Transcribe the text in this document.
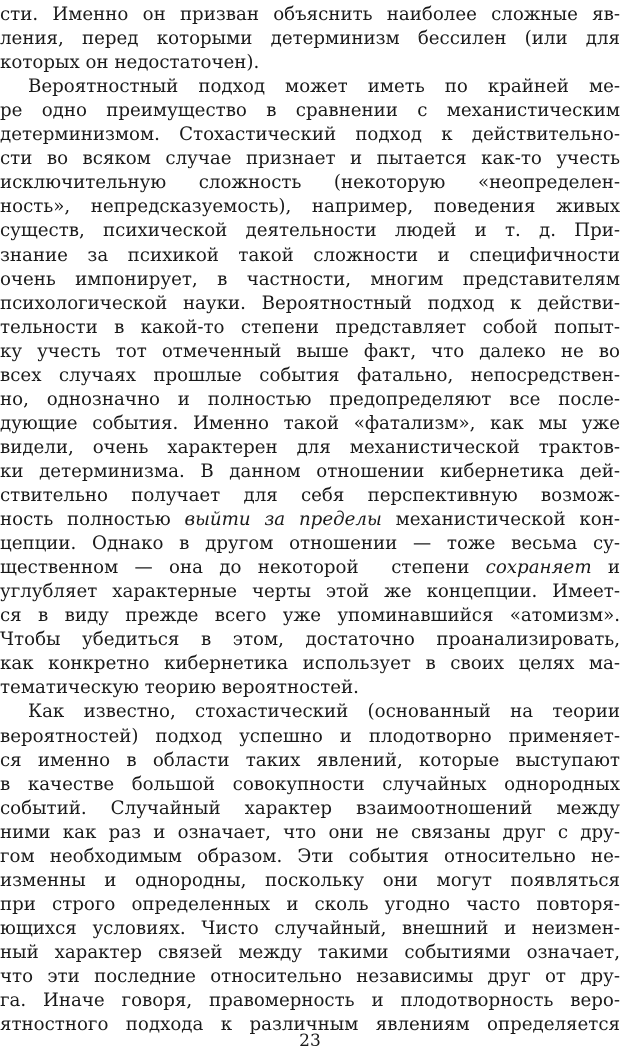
сти. Именно он призван объяснить наиболее сложные яв-
ления, перед которыми детерминизм бессилен (или для
которых он недостаточен).
Вероятностный подход может иметь по крайней ме-
ре одно преимущество в сравнении с механистическим
детерминизмом. Стохастический подход к действительно-
сти во всяком случае признает и пытается как-то учесть
исключительную сложность (некоторую «неопределен-
ность», непредсказуемость), например, поведения живых
существ, психической деятельности людей и т. д. При-
знание за психикой такой сложности и специфичности
очень импонирует, в частности, многим представителям
психологической науки. Вероятностный подход к действи-
тельности в какой-то степени представляет собой попыт-
ку учесть тот отмеченный выше факт, что далеко не во
всех случаях прошлые события фатально, непосредствен-
но, однозначно и полностью предопределяют все после-
дующие события. Именно такой «фатализм», как мы уже
видели, очень характерен для механистической трактов-
ки детерминизма. В данном отношении кибернетика дей-
ствительно получает для себя перспективную возмож-
ность полностью выйти за пределы механистической кон-
цепции. Однако в другом отношении — тоже весьма су-
щественном — она до некоторой  степени сохраняет и
углубляет характерные черты этой же концепции. Имеет-
ся в виду прежде всего уже упоминавшийся «атомизм».
Чтобы убедиться в этом, достаточно проанализировать,
как конкретно кибернетика использует в своих целях ма-
тематическую теорию вероятностей.
Как известно, стохастический (основанный на теории
вероятностей) подход успешно и плодотворно применяет-
ся именно в области таких явлений, которые выступают
в качестве большой совокупности случайных однородных
событий. Случайный характер взаимоотношений между
ними как раз и означает, что они не связаны друг с дру-
гом необходимым образом. Эти события относительно не-
изменны и однородны, поскольку они могут появляться
при строго определенных и сколь угодно часто повторя-
ющихся условиях. Чисто случайный, внешний и неизмен-
ный характер связей между такими событиями означает,
что эти последние относительно независимы друг от дру-
га. Иначе говоря, правомерность и плодотворность веро-
ятностного подхода к различным явлениям определяется
23
